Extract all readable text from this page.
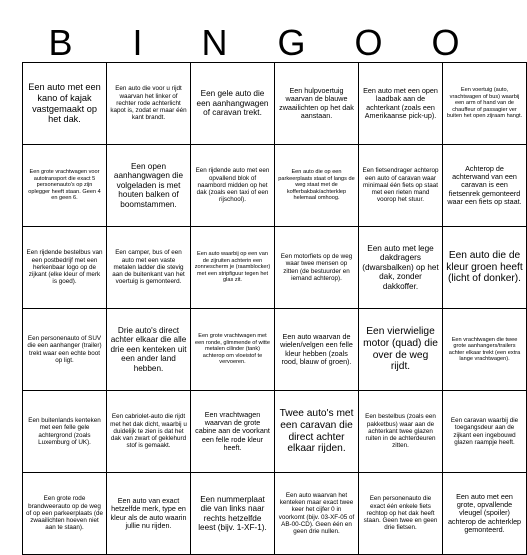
B	I	N	G	O	O
Een auto met een kano of kajak vastgemaakt op het dak.	Een auto die voor u rijdt waarvan het linker of rechter rode achterlicht kapot is, zodat er maar één kant brandt.	Een gele auto die een aanhangwagen of caravan trekt.	Een hulpvoertuig waarvan de blauwe zwaailichten op het dak aanstaan.	Een auto met een open laadbak aan de achterkant (zoals een Amerikaanse pick-up).	Een voertuig (auto, vrachtwagen of bus) waarbij een arm of hand van de chauffeur of passagier ver buiten het open zijraam hangt.
Een grote vrachtwagen voor autotransport die exact 5 personenauto's op zijn oplegger heeft staan. Geen 4 en geen 6.	Een open aanhangwagen die volgeladen is met houten balken of boomstammen.	Een rijdende auto met een opvallend blok of naambord midden op het dak (zoals een taxi of een rijschool).	Een auto die op een parkeerplaats staat of langs de weg staat met de kofferbakbak/achterklep helemaal omhoog.	Een fietsendrager achterop een auto of caravan waar minimaal één fiets op staat met een rieten mand voorop het stuur.	Achterop de achterwand van een caravan is een fietsenrek gemonteerd waar een fiets op staat.
Een rijdende bestelbus van een postbedrijf met een herkenbaar logo op de zijkant (elke kleur of merk is goed).	Een camper, bus of een auto met een vaste metalen ladder die stevig aan de buitenkant van het voertuig is gemonteerd.	Een auto waarbij op een van de zijruiten achterin een zonnescherm je (raamblocker) met een stripfiguur tegen het glas zit.	Een motorfiets op de weg waar twee mensen op zitten (de bestuurder en iemand achterop).	Een auto met lege dakdragers (dwarsbalken) op het dak, zonder dakkoffer.	Een auto die de kleur groen heeft (licht of donker).
Een personenauto of SUV die een aanhanger (trailer) trekt waar een echte boot op ligt.	Drie auto's direct achter elkaar die alle drie een kenteken uit een ander land hebben.	Een grote vrachtwagen met een ronde, glimmende of witte metalen cilinder (tank) achterop om vloeistof te vervoeren.	Een auto waarvan de wielen/velgen een felle kleur hebben (zoals rood, blauw of groen).	Een vierwielige motor (quad) die over de weg rijdt.	Een vrachtwagen die twee grote aanhangers/trailers achter elkaar trekt (een extra lange vrachtwagen).
Een buitenlands kenteken met een felle gele achtergrond (zoals Luxemburg of UK).	Een cabriolet-auto die rijdt met het dak dicht, waarbij u duidelijk te zien is dat het dak van zwart of geklehurd stof is gemaakt.	Een vrachtwagen waarvan de grote cabine aan de voorkant een felle rode kleur heeft.	Twee auto's met een caravan die direct achter elkaar rijden.	Een bestelbus (zoals een pakketbus) waar aan de achterkant twee glazen ruiten in de achterdeuren zitten.	Een caravan waarbij die toegangsdeur aan de zijkant een ingebouwd glazen raampje heeft.
Een grote rode brandweerauto op de weg of op een parkeerplaats (de zwaailichten hoeven niet aan te staan).	Een auto van exact hetzelfde merk, type en kleur als de auto waarin jullie nu rijden.	Een nummerplaat die van links naar rechts hetzelfde leest (bijv. 1-XF-1).	Een auto waarvan het kenteken maar exact twee keer het cijfer 0 in voorkomt (bijv. 03-XF-05 of AB-00-CD). Geen één en geen drie nullen.	Een personenauto die exact één enkele fiets rechtop op het dak heeft staan. Geen twee en geen drie fietsen.	Een auto met een grote, opvallende vleugel (spoiler) achterop de achterklep gemonteerd.
